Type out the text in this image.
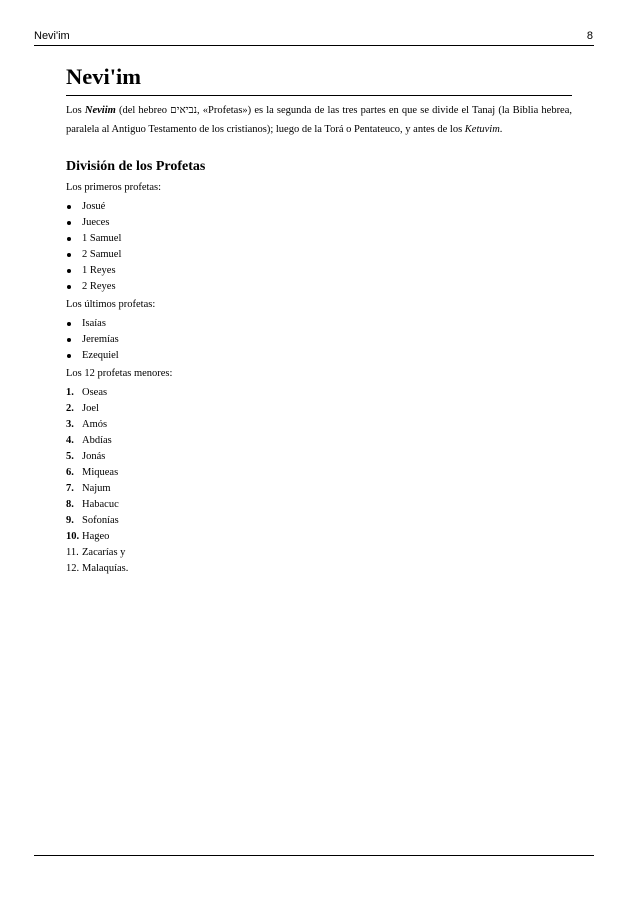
Nevi'im	8
Nevi'im

Los Neviim (del hebreo נביאים, «Profetas») es la segunda de las tres partes en que se divide el Tanaj (la Biblia hebrea, paralela al Antiguo Testamento de los cristianos); luego de la Torá o Pentateuco, y antes de los Ketuvim.

División de los Profetas

Los primeros profetas:

Josué
Jueces
1 Samuel
2 Samuel
1 Reyes
2 Reyes

Los últimos profetas:

Isaías
Jeremías
Ezequiel

Los 12 profetas menores:

1. Oseas
2. Joel
3. Amós
4. Abdías
5. Jonás
6. Miqueas
7. Najum
8. Habacuc
9. Sofonías
10. Hageo
11. Zacarías y
12. Malaquías.
